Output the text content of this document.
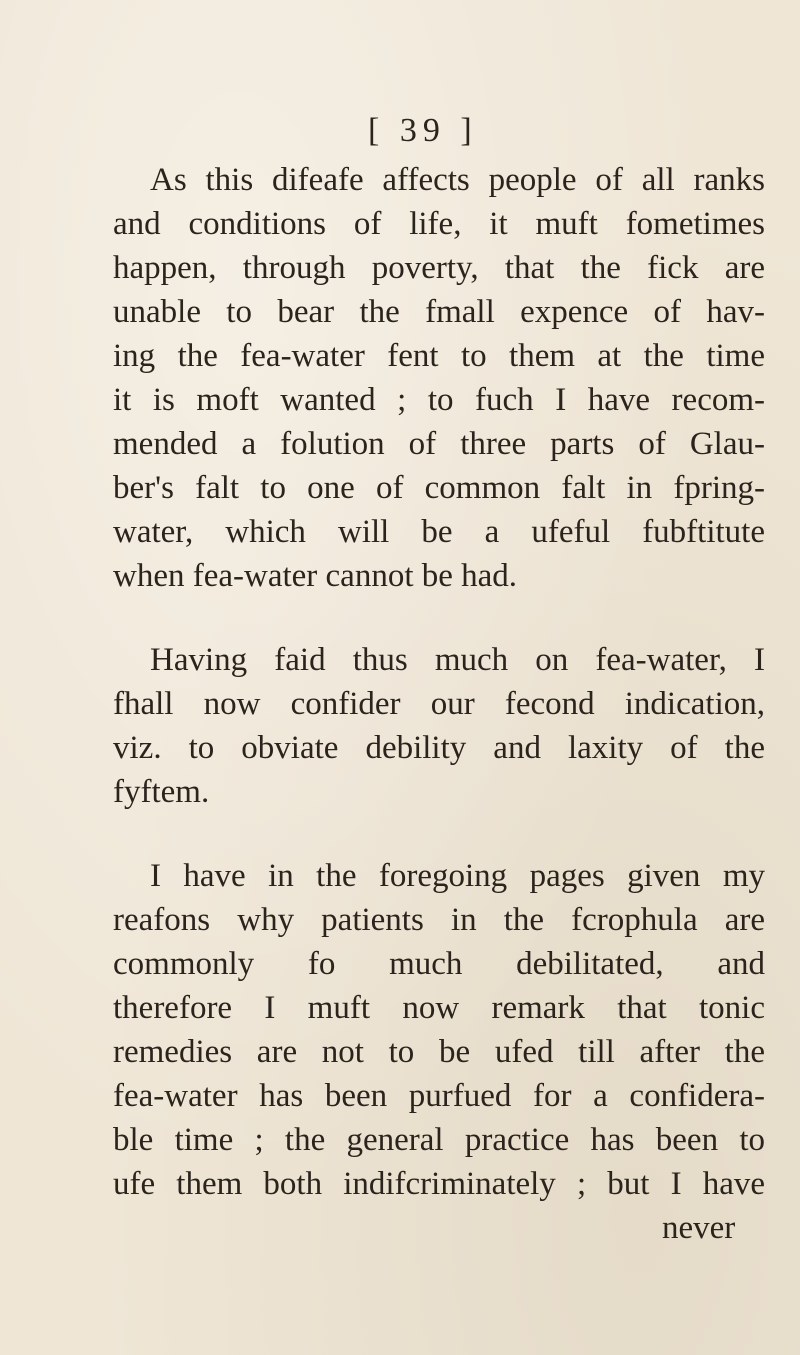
[ 39 ]
As this difeafe affects people of all ranks
and conditions of life, it muft fometimes
happen, through poverty, that the fick are
unable to bear the fmall expence of hav-
ing the fea-water fent to them at the time
it is moft wanted ; to fuch I have recom-
mended a folution of three parts of Glau-
ber's falt to one of common falt in fpring-
water, which will be a ufeful fubftitute
when fea-water cannot be had.
Having faid thus much on fea-water, I
fhall now confider our fecond indication,
viz. to obviate debility and laxity of the
fyftem.
I have in the foregoing pages given my
reafons why patients in the fcrophula are
commonly fo much debilitated, and
therefore I muft now remark that tonic
remedies are not to be ufed till after the
fea-water has been purfued for a confidera-
ble time ; the general practice has been to
ufe them both indifcriminately ; but I have
never
